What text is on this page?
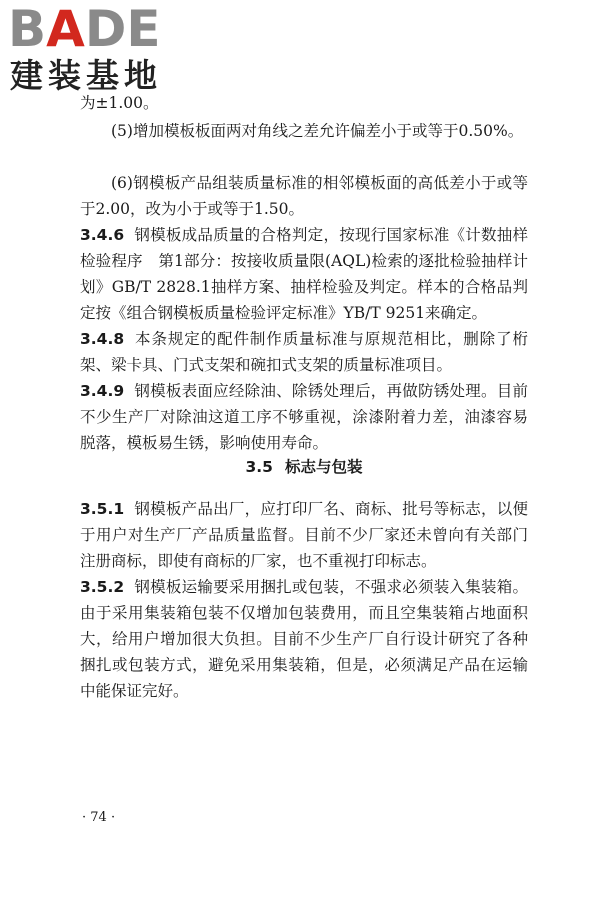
BADE
建装基地

为±1.00。

(5)增加模板板面两对角线之差允许偏差小于或等于0.50%。

(6)钢模板产品组装质量标准的相邻模板面的高低差小于或等于2.00，改为小于或等于1.50。

3.4.6 钢模板成品质量的合格判定，按现行国家标准《计数抽样检验程序　第1部分：按接收质量限(AQL)检索的逐批检验抽样计划》GB/T 2828.1抽样方案、抽样检验及判定。样本的合格品判定按《组合钢模板质量检验评定标准》YB/T 9251来确定。

3.4.8 本条规定的配件制作质量标准与原规范相比，删除了桁架、梁卡具、门式支架和碗扣式支架的质量标准项目。

3.4.9 钢模板表面应经除油、除锈处理后，再做防锈处理。目前不少生产厂对除油这道工序不够重视，涂漆附着力差，油漆容易脱落，模板易生锈，影响使用寿命。

3.5 标志与包装

3.5.1 钢模板产品出厂，应打印厂名、商标、批号等标志，以便于用户对生产厂产品质量监督。目前不少厂家还未曾向有关部门注册商标，即使有商标的厂家，也不重视打印标志。

3.5.2 钢模板运输要采用捆扎或包装，不强求必须装入集装箱。由于采用集装箱包装不仅增加包装费用，而且空集装箱占地面积大，给用户增加很大负担。目前不少生产厂自行设计研究了各种捆扎或包装方式，避免采用集装箱，但是，必须满足产品在运输中能保证完好。

· 74 ·
